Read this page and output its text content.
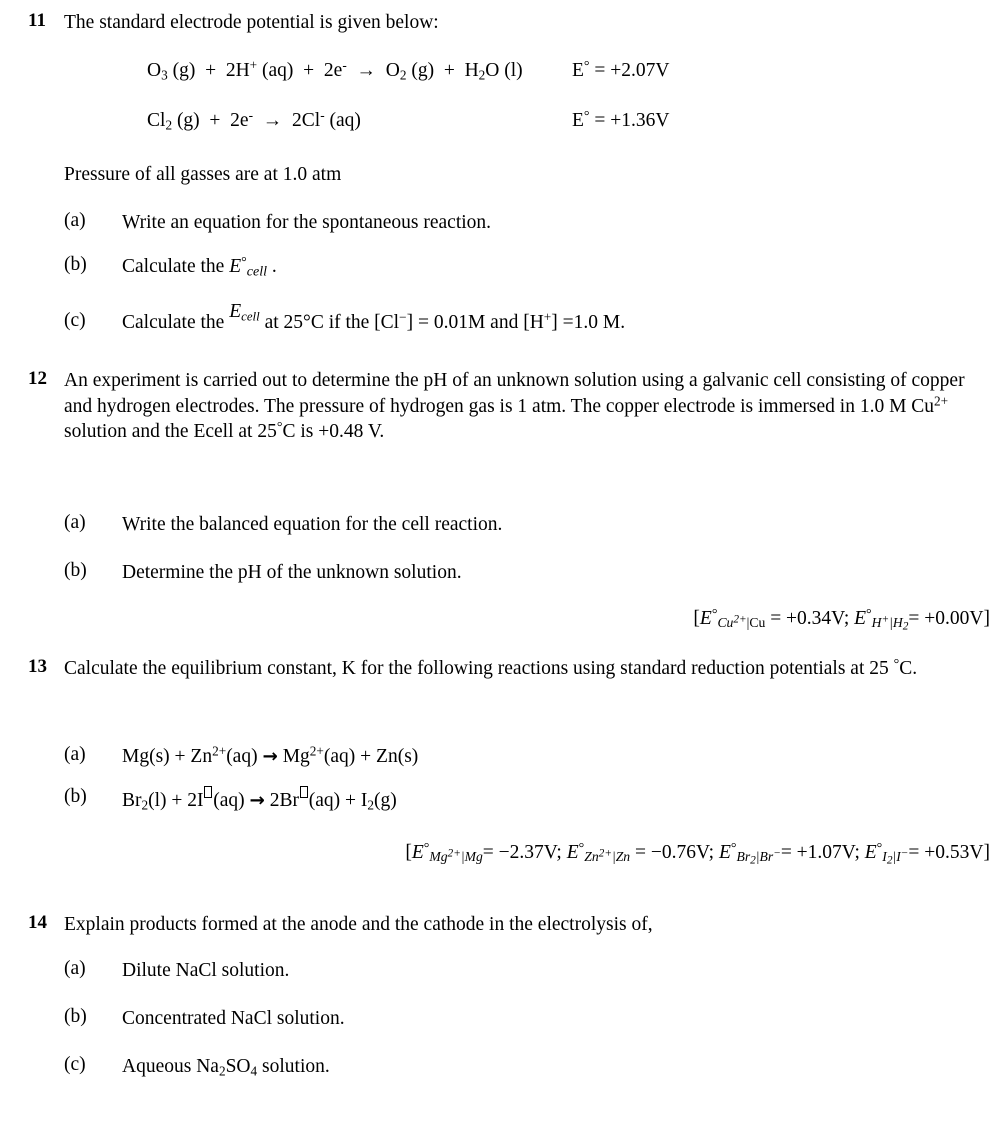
11 The standard electrode potential is given below:
$O_3$ (g)  +  2H+ $(aq) + 2e^- \to O_2$ $(g) + H_2O$ (l)	E° = +2.07V
$Cl_2$ (g)  +  2e- →  2Cl- (aq)	E° = +1.36V
Pressure of all gasses are at 1.0 atm
(a)	Write an equation for the spontaneous reaction.
(b)	Calculate the E°cell .
(c)	Calculate the Ecell at 25°C if the [Cl−] = 0.01M and [H+] =1.0 M.
12 An experiment is carried out to determine the pH of an unknown solution using a galvanic cell consisting of copper and hydrogen electrodes. The pressure of hydrogen gas is 1 atm. The copper electrode is immersed in 1.0 M $Cu^{2+}$ solution and the Ecell at 25°C is +0.48 V.
(a)	Write the balanced equation for the cell reaction.
(b)	Determine the pH of the unknown solution.
[E°Cu2+|Cu = +0.34V; $E^\circ H+|H_2= +0.00V$]
13 Calculate the equilibrium constant, K for the following reactions using standard reduction potentials at 25 °C.
(a)	$Mg(s) + Zn^{2+}(aq) \to Mg^{2+}(aq) + Zn(s)$
(b)	$Br_2(l) + 2I$ (aq) → 2Br $(aq) + I_2(g)$
[E°Mg2+|Mg= −2.37V; E°Zn2+|Zn = −0.76V; $E^\circ Br_2|Br-= +1.07V$; $E^\circ I_2|I-= +0.53V$]
14 Explain products formed at the anode and the cathode in the electrolysis of,
(a)	Dilute NaCl solution.
(b)	Concentrated NaCl solution.
(c)	Aqueous $Na_2SO_4$ solution.
